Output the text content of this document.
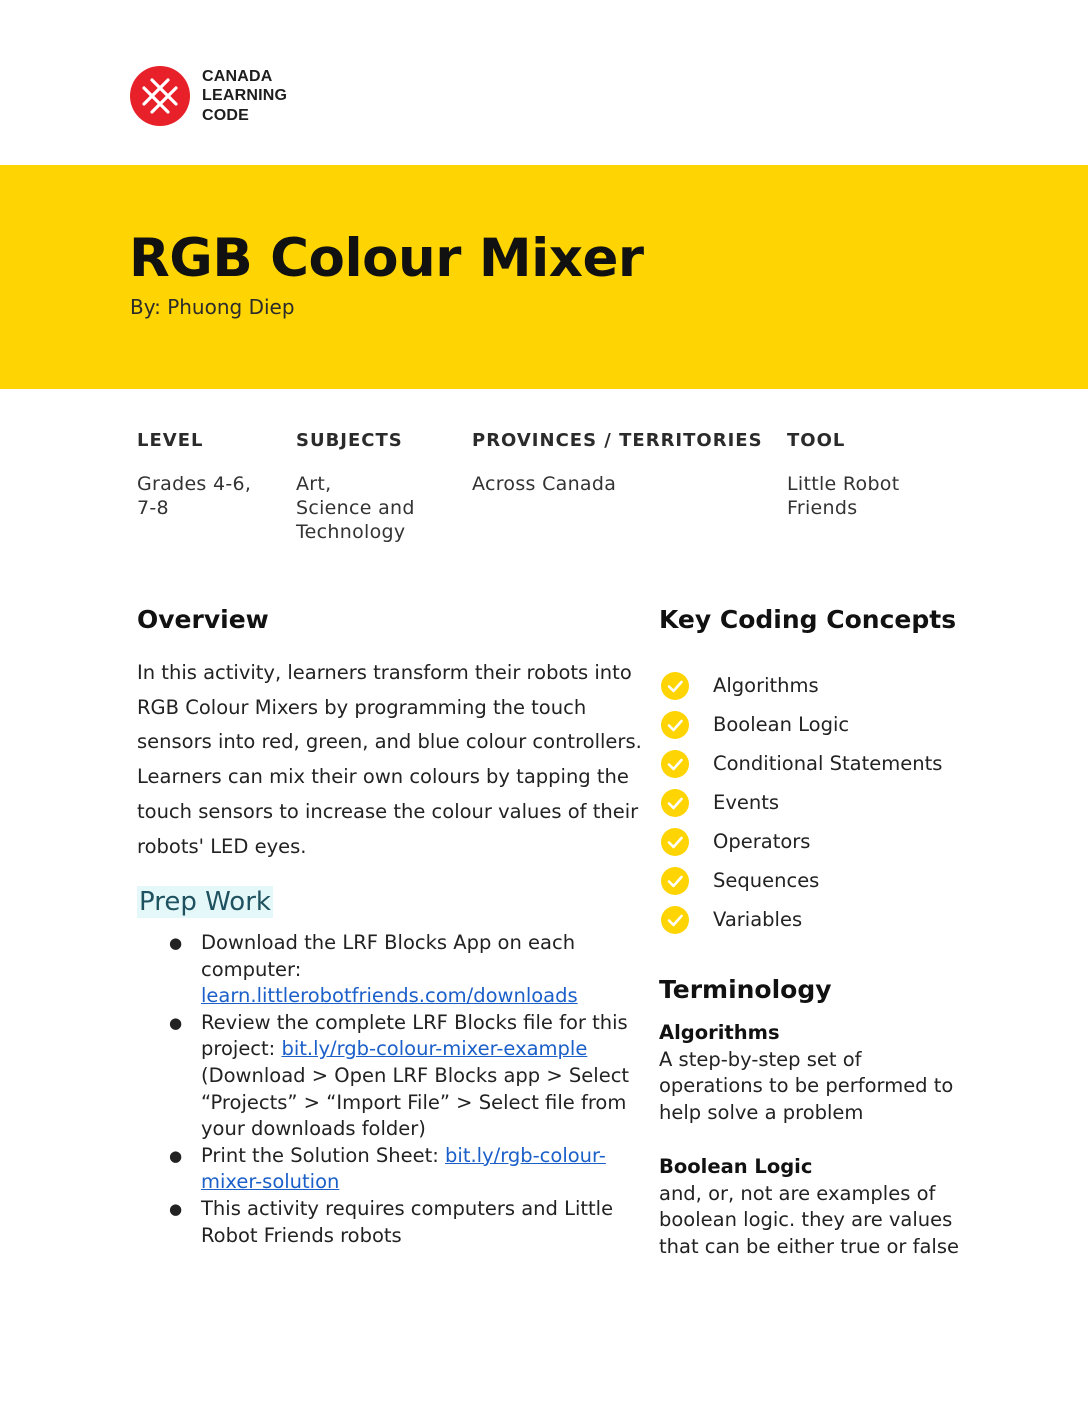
CANADA
LEARNING
CODE
RGB Colour Mixer
By: Phuong Diep
LEVEL
Grades 4-6,
7-8
SUBJECTS
Art,
Science and
Technology
PROVINCES / TERRITORIES
Across Canada
TOOL
Little Robot
Friends
Overview
In this activity, learners transform their robots into RGB Colour Mixers by programming the touch sensors into red, green, and blue colour controllers. Learners can mix their own colours by tapping the touch sensors to increase the colour values of their robots' LED eyes.
Prep Work
● Download the LRF Blocks App on each computer: learn.littlerobotfriends.com/downloads
● Review the complete LRF Blocks file for this project: bit.ly/rgb-colour-mixer-example (Download > Open LRF Blocks app > Select “Projects” > “Import File” > Select file from your downloads folder)
● Print the Solution Sheet: bit.ly/rgb-colour-mixer-solution
● This activity requires computers and Little Robot Friends robots
Key Coding Concepts
Algorithms
Boolean Logic
Conditional Statements
Events
Operators
Sequences
Variables
Terminology
Algorithms
A step-by-step set of operations to be performed to help solve a problem
Boolean Logic
and, or, not are examples of boolean logic. they are values that can be either true or false
